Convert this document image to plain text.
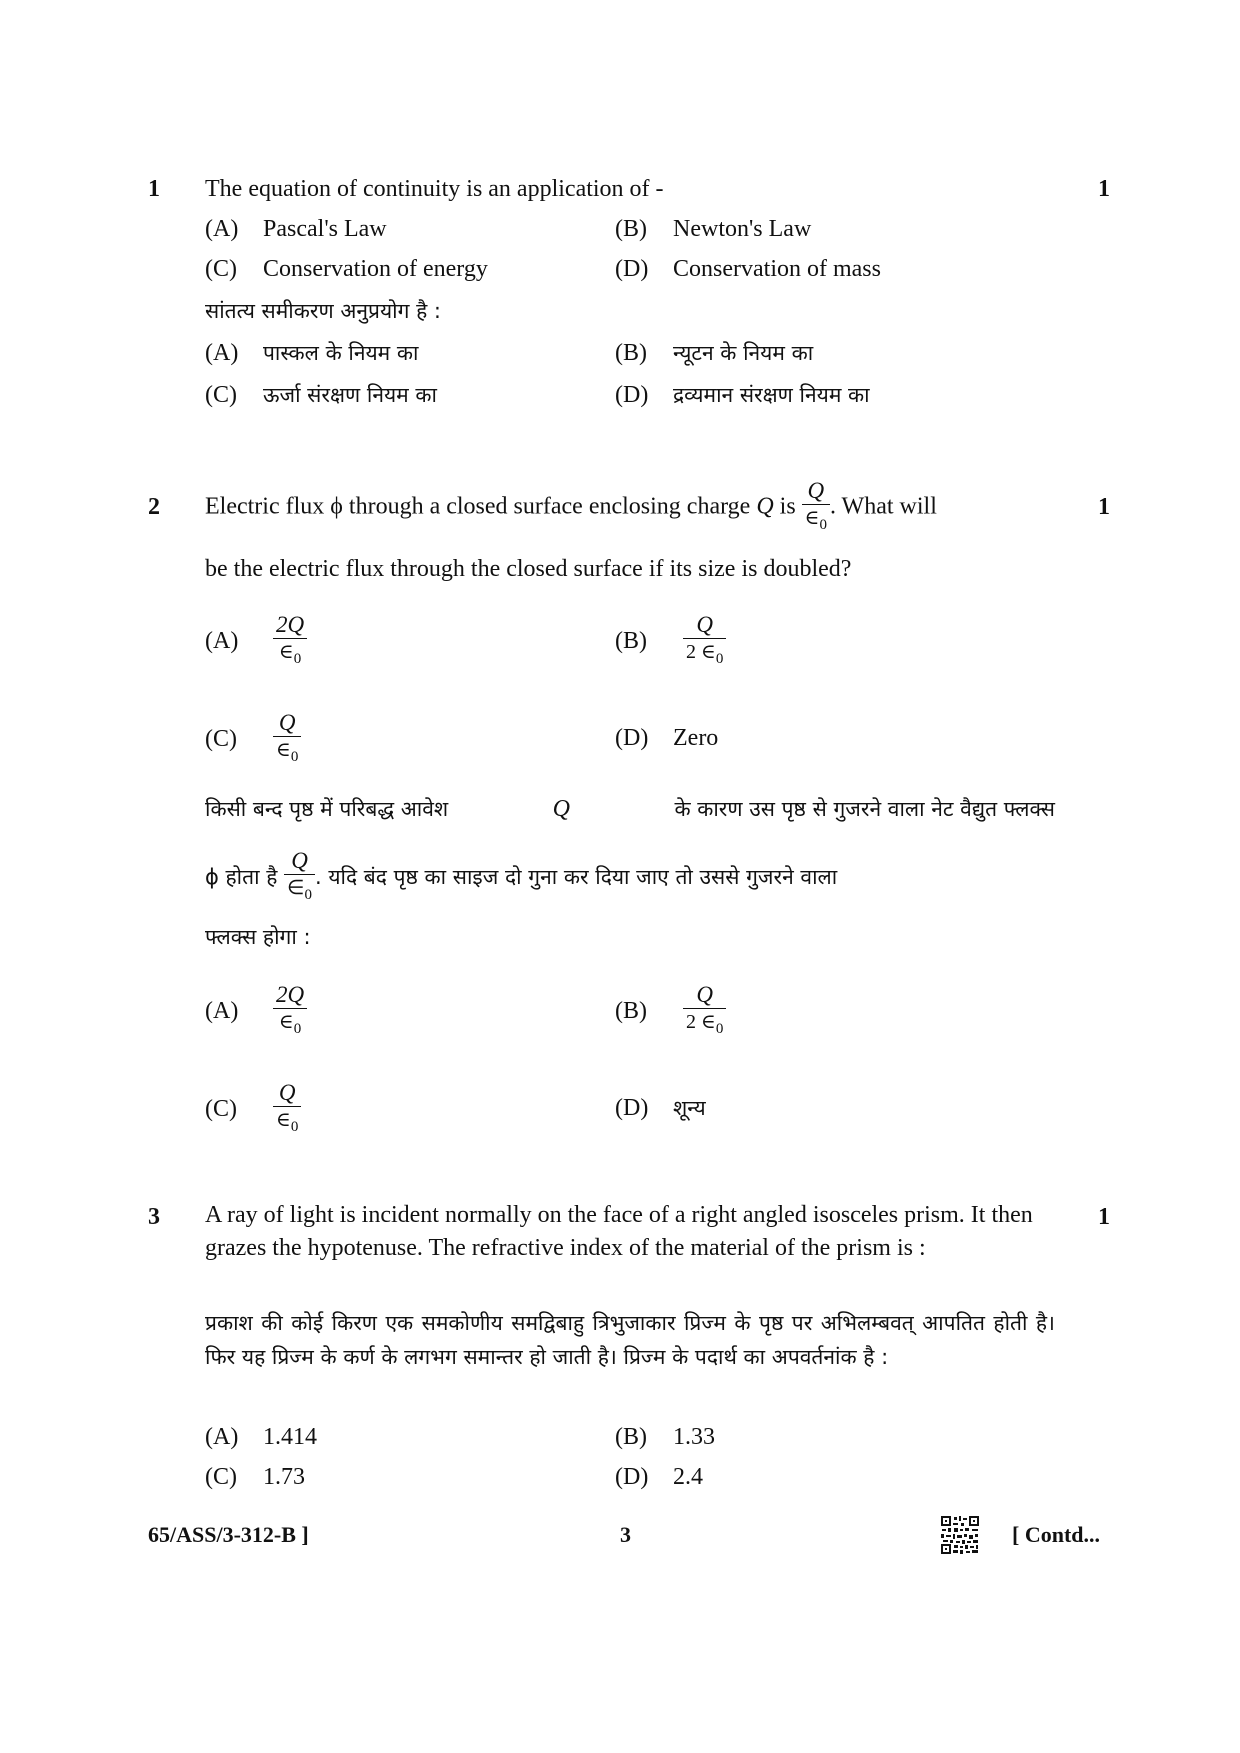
1	1
The equation of continuity is an application of -
(A) Pascal's Law	(B) Newton's Law
(C) Conservation of energy	(D) Conservation of mass
सांतत्य समीकरण अनुप्रयोग है :
(A) पास्कल के नियम का	(B) न्यूटन के नियम का
(C) ऊर्जा संरक्षण नियम का	(D) द्रव्यमान संरक्षण नियम का
2	1
Electric flux ϕ through a closed surface enclosing charge Q is $\frac{Q}{\in_0}$ . What will
be the electric flux through the closed surface if its size is doubled?
$(A) \frac{2Q}{\in_0}$	$(B) \frac{Q}{2 \in_0}$
$(C) \frac{Q}{\in_0}$	(D) Zero
किसी बन्द पृष्ठ में परिबद्ध आवेश	Q	के कारण उस पृष्ठ से गुजरने वाला नेट वैद्युत फ्लक्स
ϕ होता है $\frac{Q}{\in_0}$ . यदि बंद पृष्ठ का साइज दो गुना कर दिया जाए तो उससे गुजरने वाला
फ्लक्स होगा :
$(A) \frac{2Q}{\in_0}$	$(B) \frac{Q}{2 \in_0}$
$(C) \frac{Q}{\in_0}$	(D) शून्य
3	1
A ray of light is incident normally on the face of a right angled isosceles prism. It then grazes the hypotenuse. The refractive index of the material of the prism is :
प्रकाश की कोई किरण एक समकोणीय समद्विबाहु त्रिभुजाकार प्रिज्म के पृष्ठ पर अभिलम्बवत् आपतित होती है। फिर यह प्रिज्म के कर्ण के लगभग समान्तर हो जाती है। प्रिज्म के पदार्थ का अपवर्तनांक है :
(A) 1.414	(B) 1.33
(C) 1.73	(D) 2.4
65/ASS/3-312-B ]	3	[ Contd...
